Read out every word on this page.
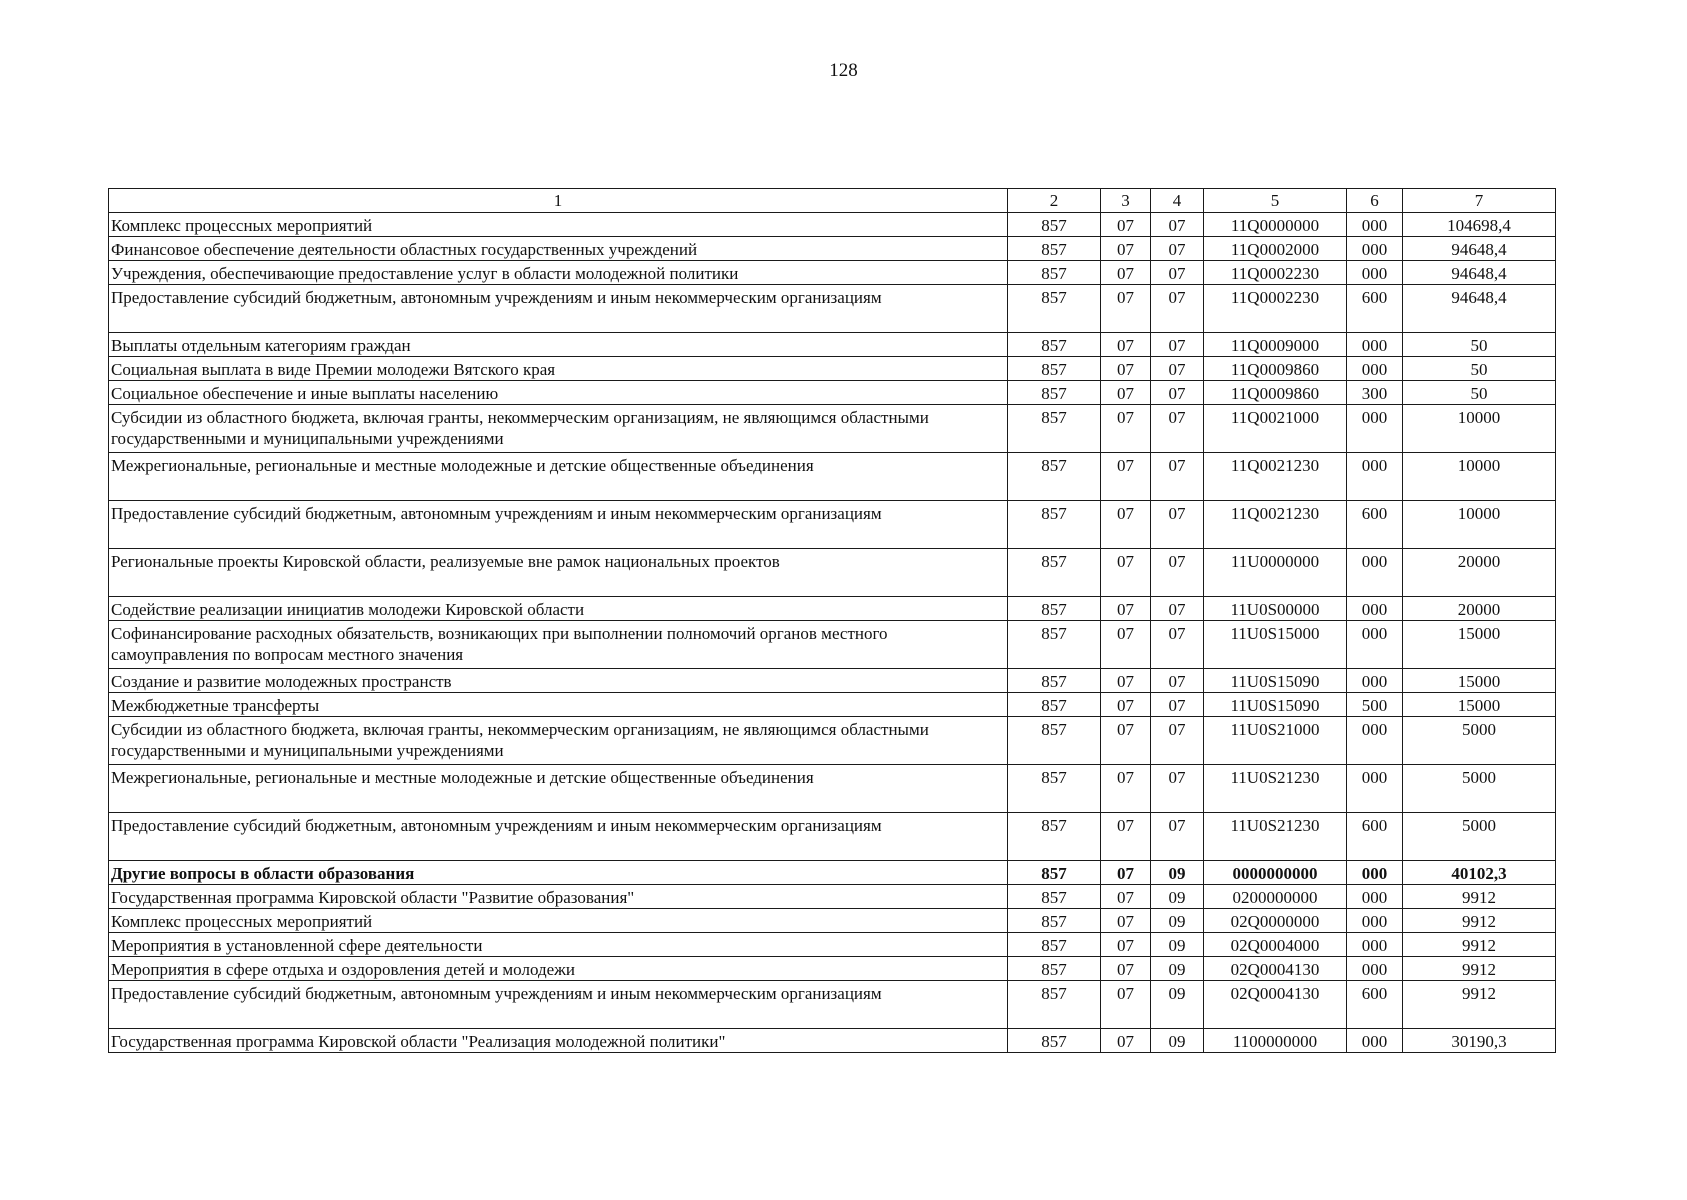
128
1	2	3	4	5	6	7
Комплекс процессных мероприятий	857	07	07	11Q0000000	000	104698,4
Финансовое обеспечение деятельности областных государственных учреждений	857	07	07	11Q0002000	000	94648,4
Учреждения, обеспечивающие предоставление услуг в области молодежной политики	857	07	07	11Q0002230	000	94648,4
Предоставление субсидий бюджетным, автономным учреждениям и иным некоммерческим организациям	857	07	07	11Q0002230	600	94648,4
Выплаты отдельным категориям граждан	857	07	07	11Q0009000	000	50
Социальная выплата в виде Премии молодежи Вятского края	857	07	07	11Q0009860	000	50
Социальное обеспечение и иные выплаты населению	857	07	07	11Q0009860	300	50
Субсидии из областного бюджета, включая гранты, некоммерческим организациям, не являющимся областными государственными и муниципальными учреждениями	857	07	07	11Q0021000	000	10000
Межрегиональные, региональные и местные молодежные и детские общественные объединения	857	07	07	11Q0021230	000	10000
Предоставление субсидий бюджетным, автономным учреждениям и иным некоммерческим организациям	857	07	07	11Q0021230	600	10000
Региональные проекты Кировской области, реализуемые вне рамок национальных проектов	857	07	07	11U0000000	000	20000
Содействие реализации инициатив молодежи Кировской области	857	07	07	11U0S00000	000	20000
Софинансирование расходных обязательств, возникающих при выполнении полномочий органов местного самоуправления по вопросам местного значения	857	07	07	11U0S15000	000	15000
Создание и развитие молодежных пространств	857	07	07	11U0S15090	000	15000
Межбюджетные трансферты	857	07	07	11U0S15090	500	15000
Субсидии из областного бюджета, включая гранты, некоммерческим организациям, не являющимся областными государственными и муниципальными учреждениями	857	07	07	11U0S21000	000	5000
Межрегиональные, региональные и местные молодежные и детские общественные объединения	857	07	07	11U0S21230	000	5000
Предоставление субсидий бюджетным, автономным учреждениям и иным некоммерческим организациям	857	07	07	11U0S21230	600	5000
Другие вопросы в области образования	857	07	09	0000000000	000	40102,3
Государственная программа Кировской области "Развитие образования"	857	07	09	0200000000	000	9912
Комплекс процессных мероприятий	857	07	09	02Q0000000	000	9912
Мероприятия в установленной сфере деятельности	857	07	09	02Q0004000	000	9912
Мероприятия в сфере отдыха и оздоровления детей и молодежи	857	07	09	02Q0004130	000	9912
Предоставление субсидий бюджетным, автономным учреждениям и иным некоммерческим организациям	857	07	09	02Q0004130	600	9912
Государственная программа Кировской области "Реализация молодежной политики"	857	07	09	1100000000	000	30190,3
